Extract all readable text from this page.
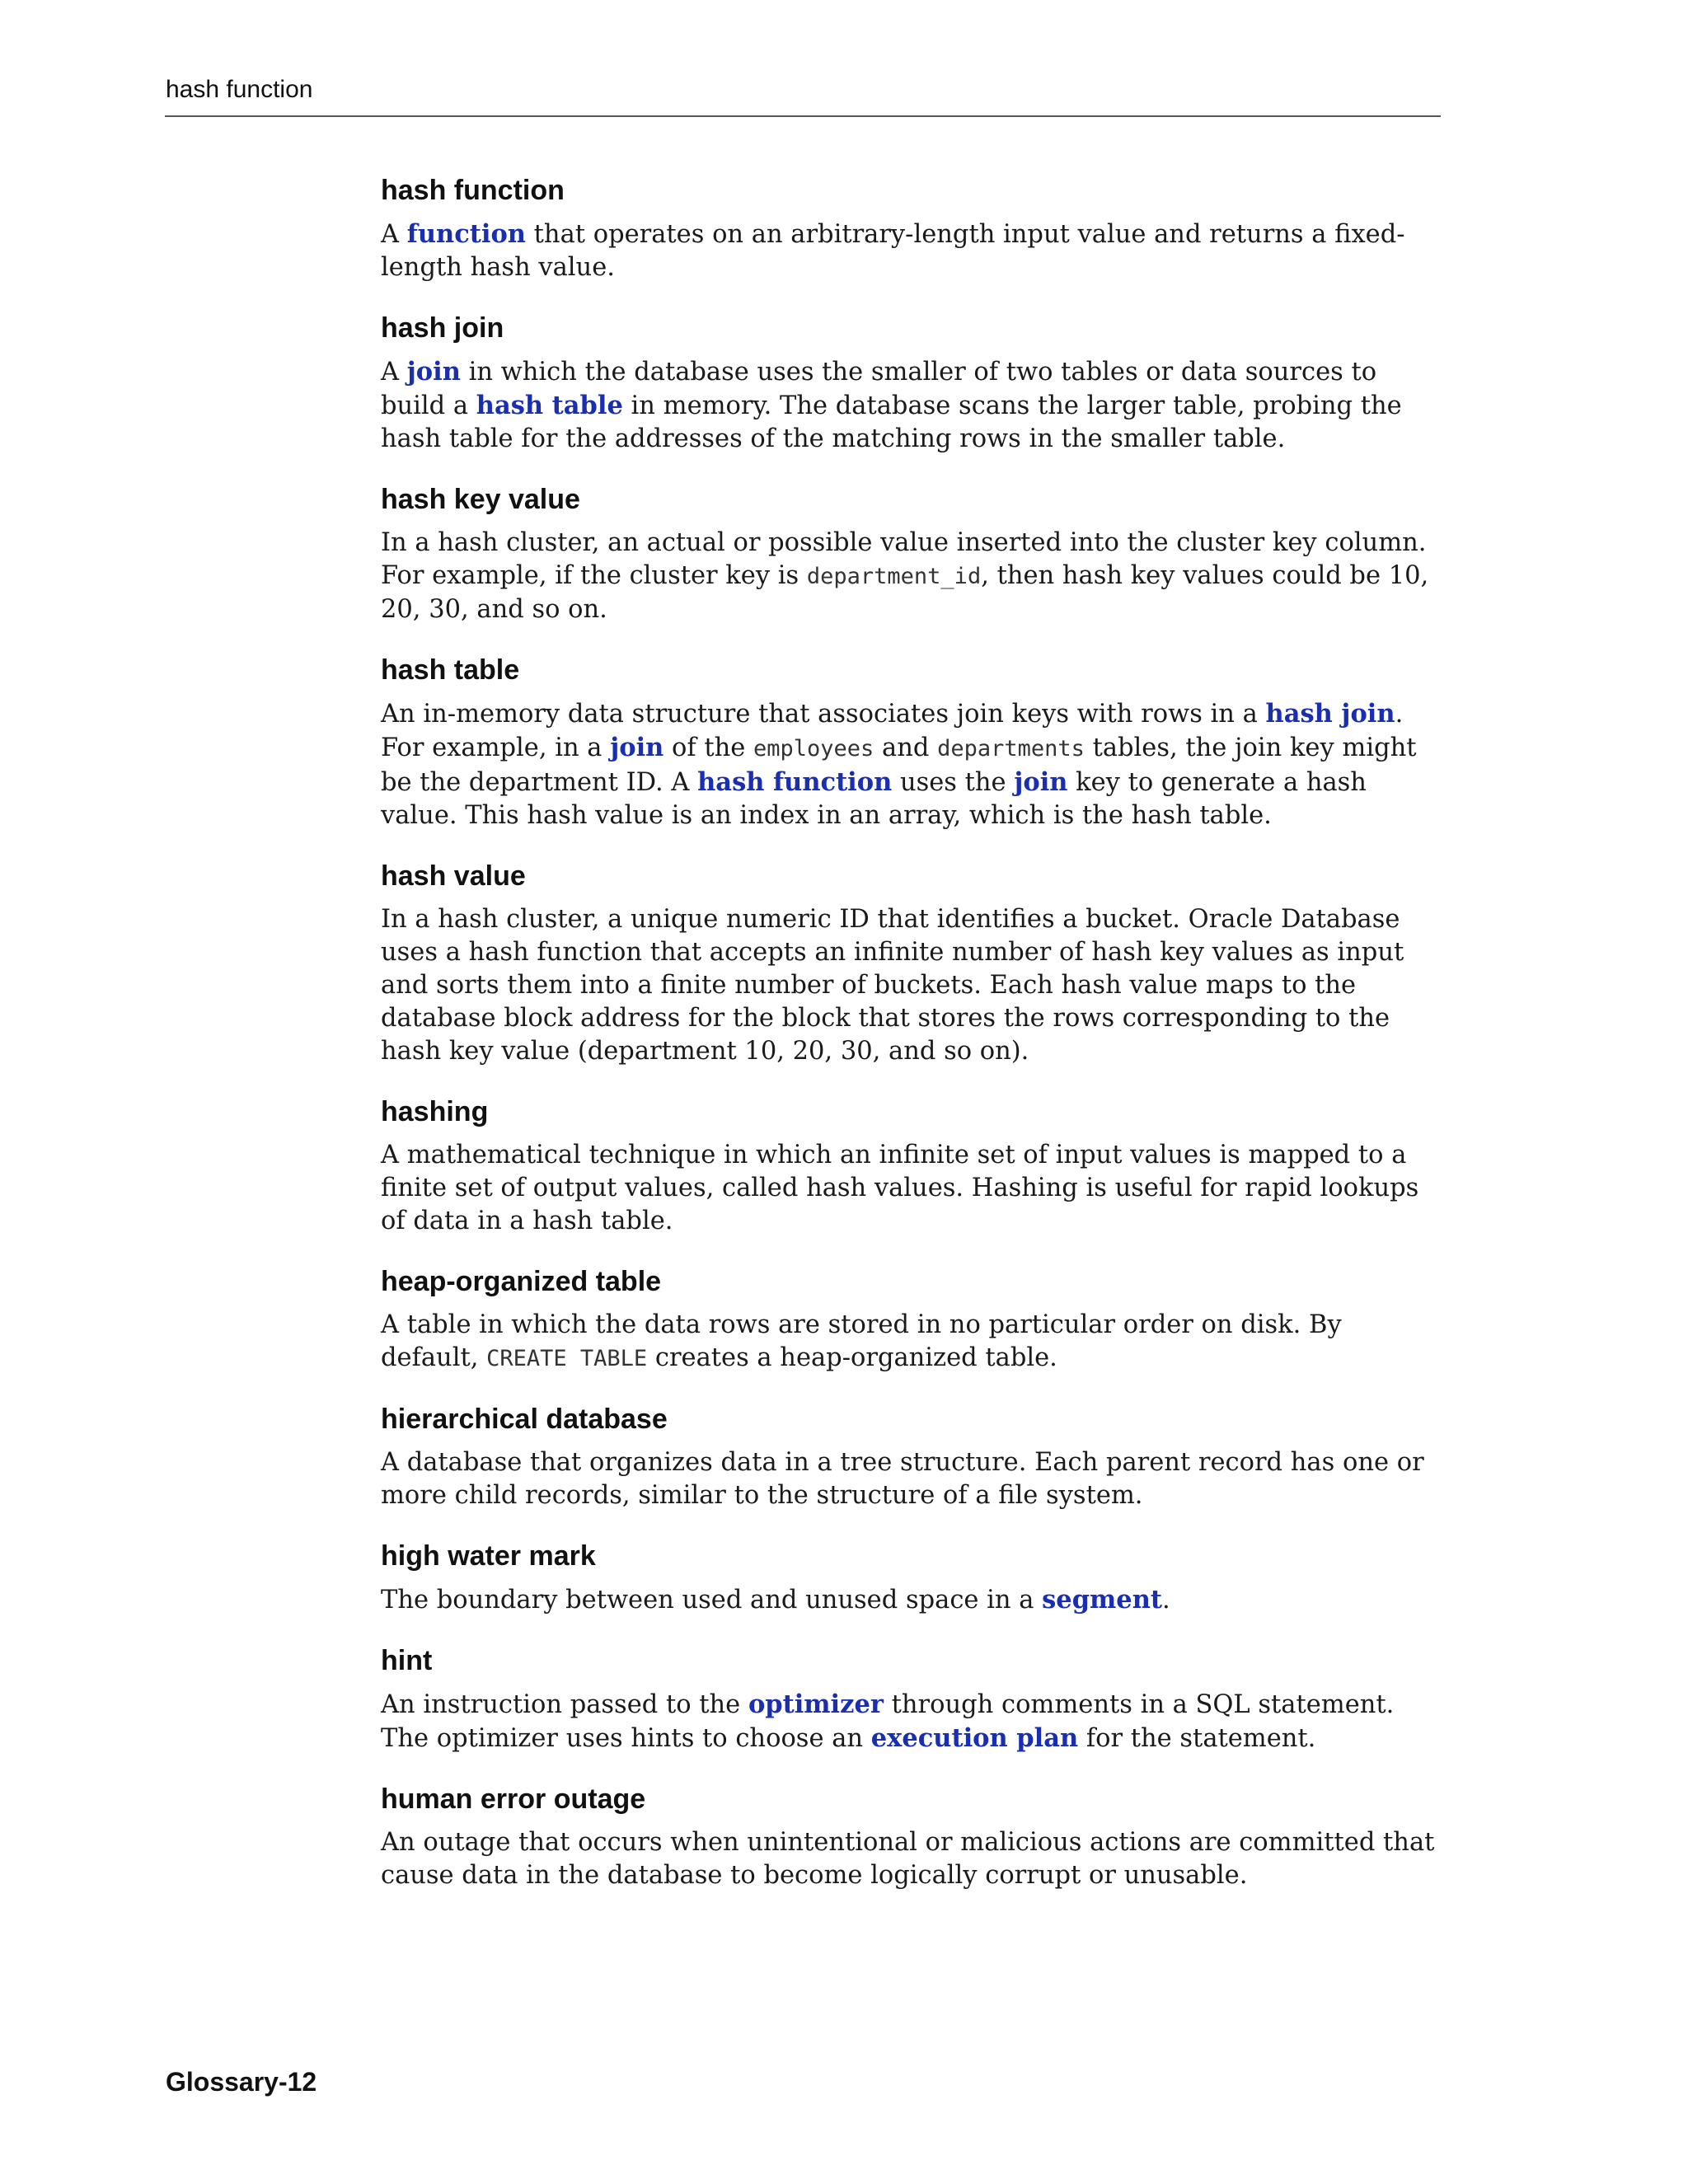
hash function
hash function

A function that operates on an arbitrary-length input value and returns a fixed-length hash value.

hash join

A join in which the database uses the smaller of two tables or data sources to build a hash table in memory. The database scans the larger table, probing the hash table for the addresses of the matching rows in the smaller table.

hash key value

In a hash cluster, an actual or possible value inserted into the cluster key column. For example, if the cluster key is department_id, then hash key values could be 10, 20, 30, and so on.

hash table

An in-memory data structure that associates join keys with rows in a hash join. For example, in a join of the employees and departments tables, the join key might be the department ID. A hash function uses the join key to generate a hash value. This hash value is an index in an array, which is the hash table.

hash value

In a hash cluster, a unique numeric ID that identifies a bucket. Oracle Database uses a hash function that accepts an infinite number of hash key values as input and sorts them into a finite number of buckets. Each hash value maps to the database block address for the block that stores the rows corresponding to the hash key value (department 10, 20, 30, and so on).

hashing

A mathematical technique in which an infinite set of input values is mapped to a finite set of output values, called hash values. Hashing is useful for rapid lookups of data in a hash table.

heap-organized table

A table in which the data rows are stored in no particular order on disk. By default, CREATE TABLE creates a heap-organized table.

hierarchical database

A database that organizes data in a tree structure. Each parent record has one or more child records, similar to the structure of a file system.

high water mark

The boundary between used and unused space in a segment.

hint

An instruction passed to the optimizer through comments in a SQL statement. The optimizer uses hints to choose an execution plan for the statement.

human error outage

An outage that occurs when unintentional or malicious actions are committed that cause data in the database to become logically corrupt or unusable.

Glossary-12
